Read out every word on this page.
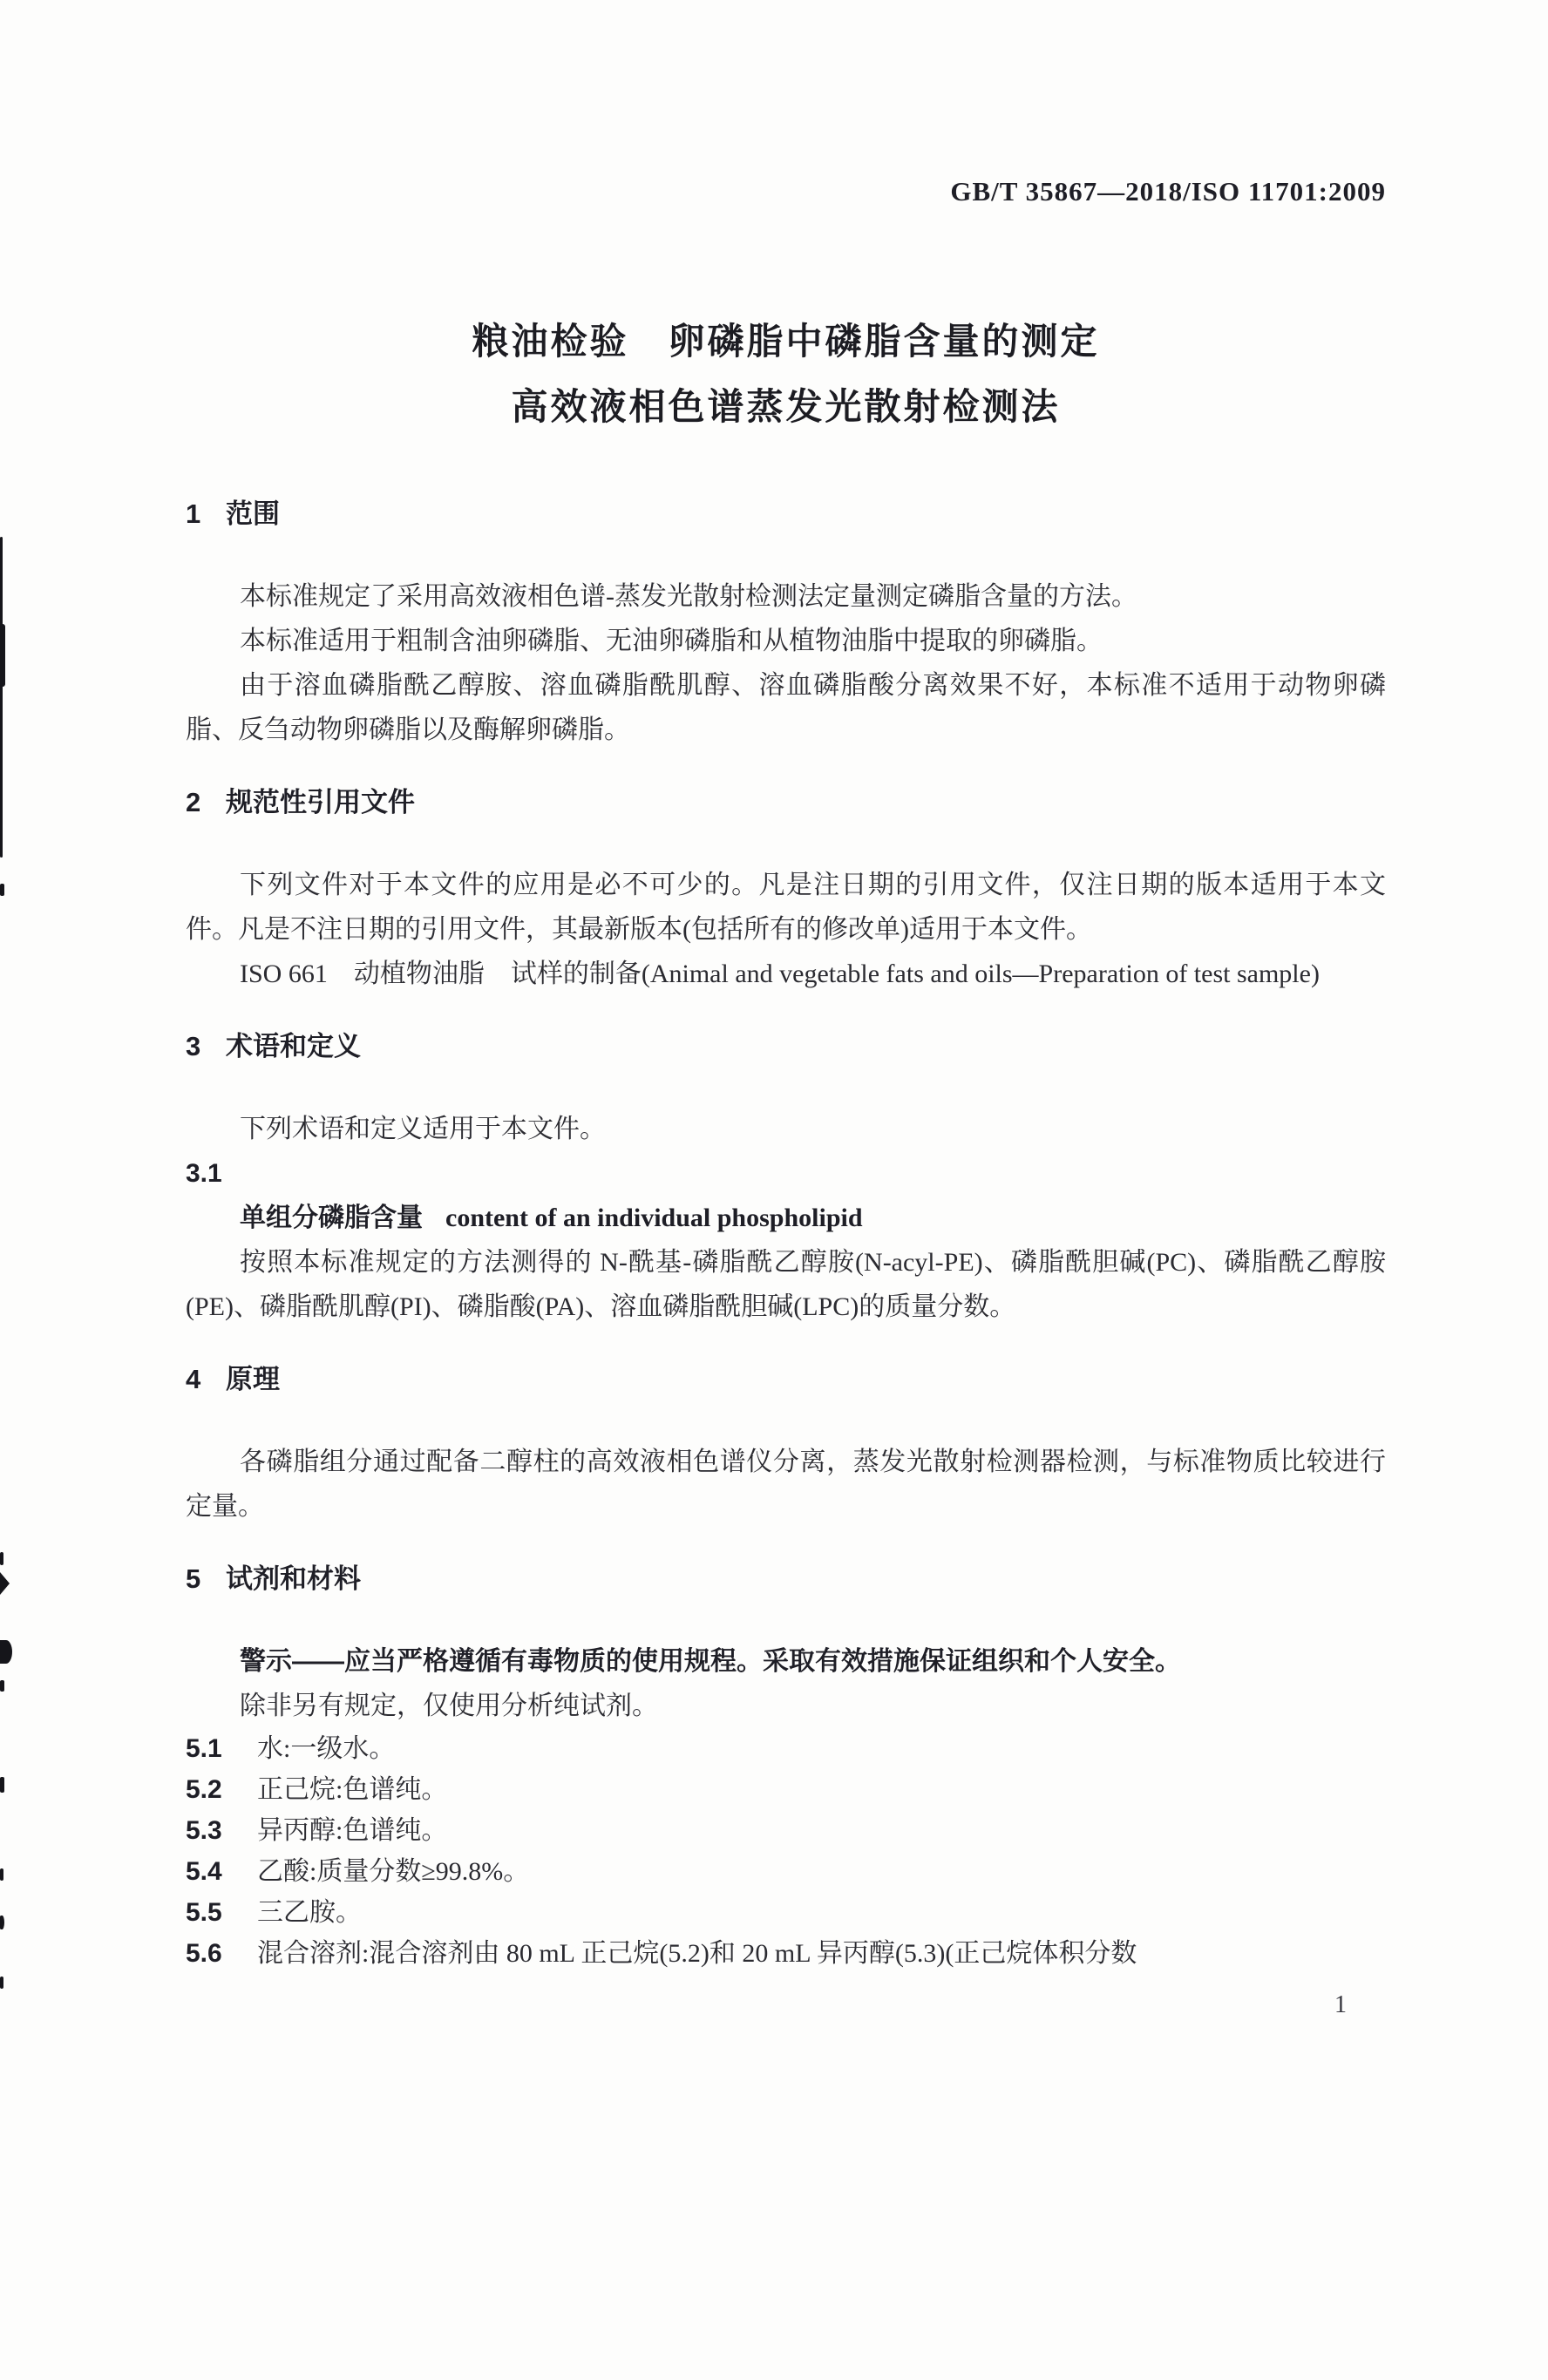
GB/T 35867—2018/ISO 11701:2009
粮油检验　卵磷脂中磷脂含量的测定
高效液相色谱蒸发光散射检测法
1 范围

本标准规定了采用高效液相色谱-蒸发光散射检测法定量测定磷脂含量的方法。

本标准适用于粗制含油卵磷脂、无油卵磷脂和从植物油脂中提取的卵磷脂。

由于溶血磷脂酰乙醇胺、溶血磷脂酰肌醇、溶血磷脂酸分离效果不好，本标准不适用于动物卵磷脂、反刍动物卵磷脂以及酶解卵磷脂。

2 规范性引用文件

下列文件对于本文件的应用是必不可少的。凡是注日期的引用文件，仅注日期的版本适用于本文件。凡是不注日期的引用文件，其最新版本(包括所有的修改单)适用于本文件。

ISO 661　动植物油脂　试样的制备(Animal and vegetable fats and oils—Preparation of test sample)

3 术语和定义

下列术语和定义适用于本文件。

3.1

单组分磷脂含量 content of an individual phospholipid

按照本标准规定的方法测得的 N-酰基-磷脂酰乙醇胺(N-acyl-PE)、磷脂酰胆碱(PC)、磷脂酰乙醇胺(PE)、磷脂酰肌醇(PI)、磷脂酸(PA)、溶血磷脂酰胆碱(LPC)的质量分数。

4 原理

各磷脂组分通过配备二醇柱的高效液相色谱仪分离，蒸发光散射检测器检测，与标准物质比较进行定量。

5 试剂和材料

警示——应当严格遵循有毒物质的使用规程。采取有效措施保证组织和个人安全。

除非另有规定，仅使用分析纯试剂。

5.1 水:一级水。

5.2 正己烷:色谱纯。

5.3 异丙醇:色谱纯。

5.4 乙酸:质量分数≥99.8%。

5.5 三乙胺。

5.6 混合溶剂:混合溶剂由 80 mL 正己烷(5.2)和 20 mL 异丙醇(5.3)(正己烷体积分数

1
